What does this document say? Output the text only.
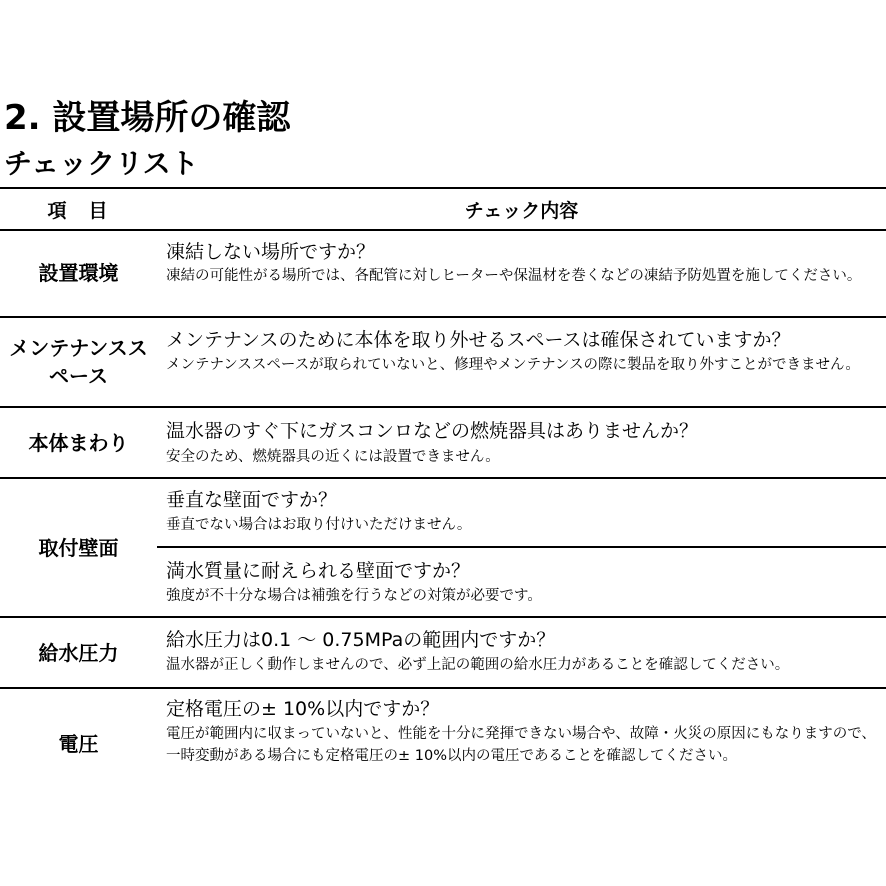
2. 設置場所の確認
チェックリスト
項目	チェック内容
設置環境
凍結しない場所ですか？
凍結の可能性がる場所では、各配管に対しヒーターや保温材を巻くなどの凍結予防処置を施してください。
メンテナンススペース
メンテナンスのために本体を取り外せるスペースは確保されていますか？
メンテナンススペースが取られていないと、修理やメンテナンスの際に製品を取り外すことができません。
本体まわり	温水器のすぐ下にガスコンロなどの燃焼器具はありませんか？
安全のため、燃焼器具の近くには設置できません。
取付壁面
垂直な壁面ですか？
垂直でない場合はお取り付けいただけません。
満水質量に耐えられる壁面ですか？
強度が不十分な場合は補強を行うなどの対策が必要です。
給水圧力
給水圧力は0.1 ～ 0.75MPaの範囲内ですか？
温水器が正しく動作しませんので、必ず上記の範囲の給水圧力があることを確認してください。
電圧
定格電圧の± 10%以内ですか？
電圧が範囲内に収まっていないと、性能を十分に発揮できない場合や、故障・火災の原因にもなりますので、一時変動がある場合にも定格電圧の± 10%以内の電圧であることを確認してください。
